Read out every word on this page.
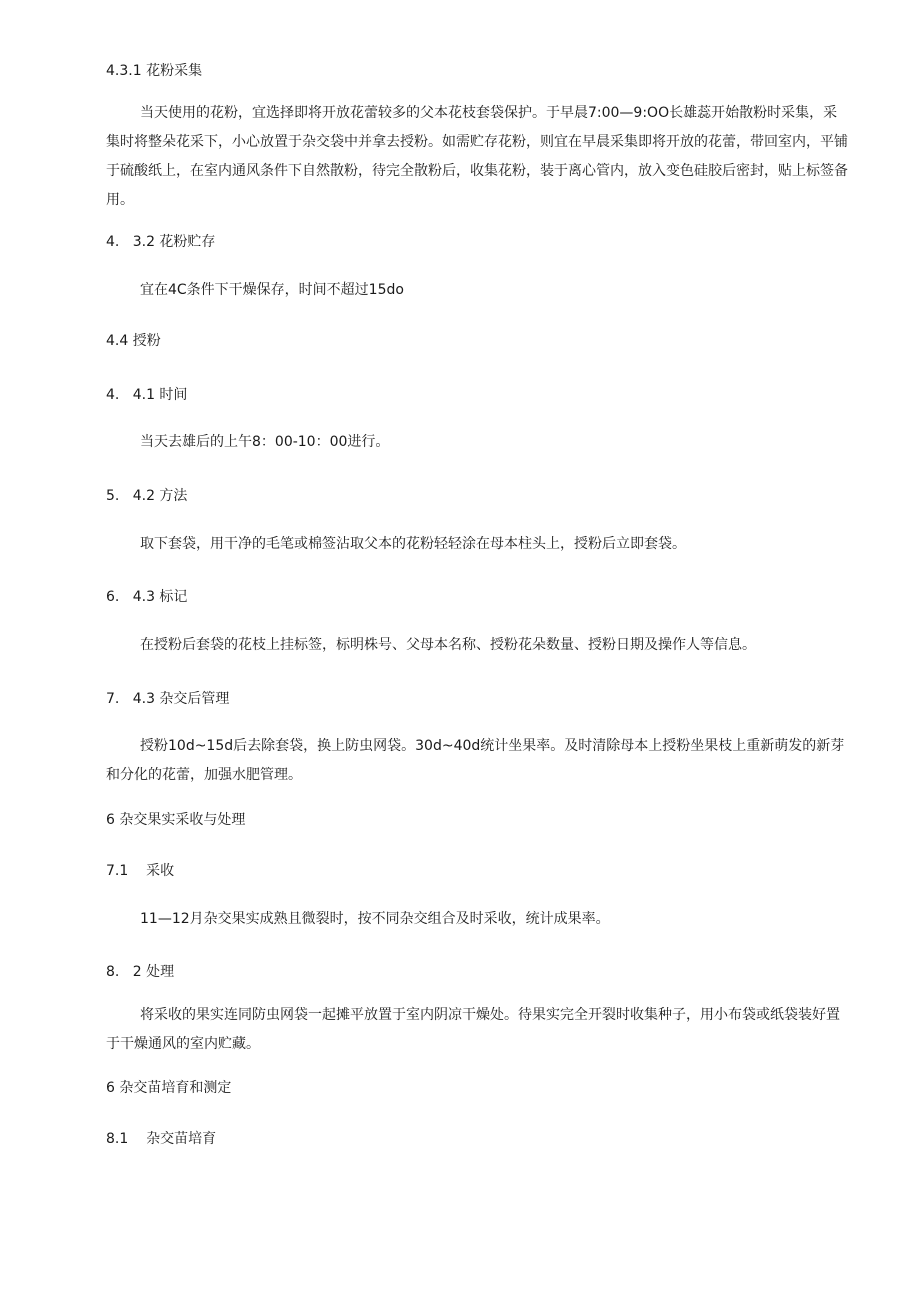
4.3.1 花粉采集

当天使用的花粉，宜选择即将开放花蕾较多的父本花枝套袋保护。于早晨7:00—9:OO长雄蕊开始散粉时采集，采集时将整朵花采下，小心放置于杂交袋中并拿去授粉。如需贮存花粉，则宜在早晨采集即将开放的花蕾，带回室内，平铺于硫酸纸上，在室内通风条件下自然散粉，待完全散粉后，收集花粉，装于离心管内，放入变色硅胶后密封，贴上标签备用。

4.   3.2 花粉贮存

宜在4C条件下干燥保存，时间不超过15do

4.4 授粉
4.   4.1 时间

当天去雄后的上午8：00-10：00进行。

5.   4.2 方法

取下套袋，用干净的毛笔或棉签沾取父本的花粉轻轻涂在母本柱头上，授粉后立即套袋。

6.   4.3 标记

在授粉后套袋的花枝上挂标签，标明株号、父母本名称、授粉花朵数量、授粉日期及操作人等信息。

7.   4.3 杂交后管理

授粉10d~15d后去除套袋，换上防虫网袋。30d~40d统计坐果率。及时清除母本上授粉坐果枝上重新萌发的新芽和分化的花蕾，加强水肥管理。

6 杂交果实采收与处理
7.1    采收

11—12月杂交果实成熟且微裂时，按不同杂交组合及时采收，统计成果率。

8.   2 处理

将采收的果实连同防虫网袋一起摊平放置于室内阴凉干燥处。待果实完全开裂时收集种子，用小布袋或纸袋装好置于干燥通风的室内贮藏。

6 杂交苗培育和测定
8.1    杂交苗培育
